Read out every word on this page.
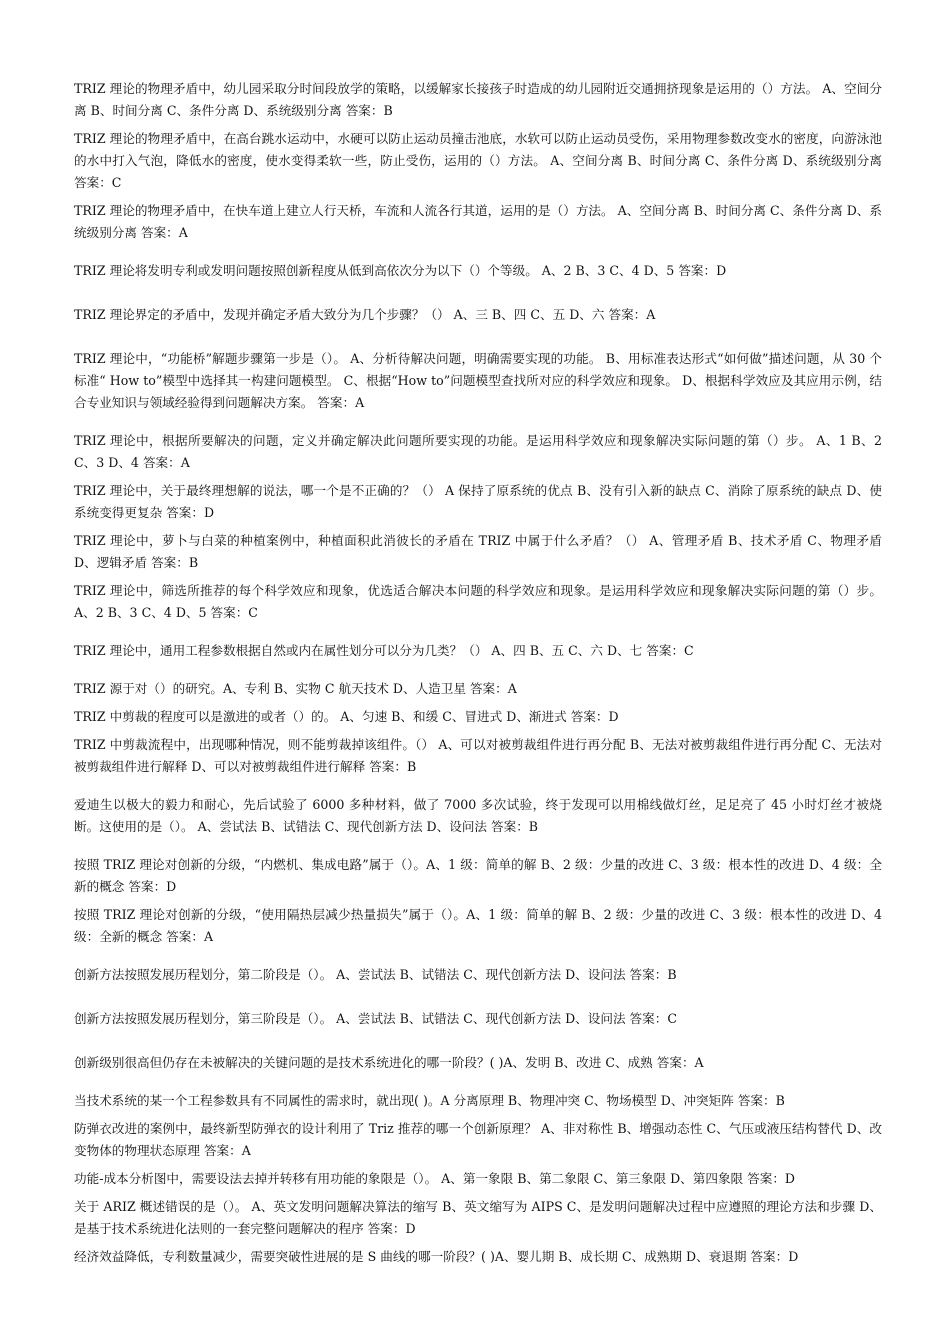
TRIZ 理论的物理矛盾中，幼儿园采取分时间段放学的策略，以缓解家长接孩子时造成的幼儿园附近交通拥挤现象是运用的（）方法。 A、空间分离 B、时间分离 C、条件分离 D、系统级别分离 答案：B

TRIZ 理论的物理矛盾中，在高台跳水运动中，水硬可以防止运动员撞击池底，水软可以防止运动员受伤，采用物理参数改变水的密度，向游泳池的水中打入气泡，降低水的密度，使水变得柔软一些，防止受伤，运用的（）方法。 A、空间分离 B、时间分离 C、条件分离 D、系统级别分离 答案：C

TRIZ 理论的物理矛盾中，在快车道上建立人行天桥，车流和人流各行其道，运用的是（）方法。 A、空间分离 B、时间分离 C、条件分离 D、系统级别分离 答案：A

TRIZ 理论将发明专利或发明问题按照创新程度从低到高依次分为以下（）个等级。 A、2 B、3 C、4 D、5 答案：D

TRIZ 理论界定的矛盾中，发现并确定矛盾大致分为几个步骤？（） A、三 B、四 C、五 D、六 答案：A

TRIZ 理论中，“功能桥”解题步骤第一步是（）。 A、分析待解决问题，明确需要实现的功能。 B、用标准表达形式“如何做”描述问题，从 30 个标准“ How to”模型中选择其一构建问题模型。 C、根据“How to”问题模型查找所对应的科学效应和现象。 D、根据科学效应及其应用示例，结合专业知识与领域经验得到问题解决方案。 答案：A

TRIZ 理论中，根据所要解决的问题，定义并确定解决此问题所要实现的功能。是运用科学效应和现象解决实际问题的第（）步。 A、1 B、2 C、3 D、4 答案：A

TRIZ 理论中，关于最终理想解的说法，哪一个是不正确的？（） A 保持了原系统的优点 B、没有引入新的缺点 C、消除了原系统的缺点 D、使系统变得更复杂 答案：D

TRIZ 理论中，萝卜与白菜的种植案例中，种植面积此消彼长的矛盾在 TRIZ 中属于什么矛盾？（） A、管理矛盾 B、技术矛盾 C、物理矛盾 D、逻辑矛盾 答案：B

TRIZ 理论中，筛选所推荐的每个科学效应和现象，优选适合解决本问题的科学效应和现象。是运用科学效应和现象解决实际问题的第（）步。 A、2 B、3 C、4 D、5 答案：C

TRIZ 理论中，通用工程参数根据自然或内在属性划分可以分为几类？（） A、四 B、五 C、六 D、七 答案：C

TRIZ 源于对（）的研究。A、专利 B、实物 C 航天技术 D、人造卫星 答案：A

TRIZ 中剪裁的程度可以是激进的或者（）的。 A、匀速 B、和缓 C、冒进式 D、渐进式 答案：D

TRIZ 中剪裁流程中，出现哪种情况，则不能剪裁掉该组件。（） A、可以对被剪裁组件进行再分配 B、无法对被剪裁组件进行再分配 C、无法对被剪裁组件进行解释 D、可以对被剪裁组件进行解释 答案：B

爱迪生以极大的毅力和耐心，先后试验了 6000 多种材料，做了 7000 多次试验，终于发现可以用棉线做灯丝，足足亮了 45 小时灯丝才被烧断。这使用的是（）。 A、尝试法 B、试错法 C、现代创新方法 D、设问法 答案：B

按照 TRIZ 理论对创新的分级，“内燃机、集成电路”属于（）。A、1 级：简单的解 B、2 级：少量的改进 C、3 级：根本性的改进 D、4 级：全新的概念 答案：D

按照 TRIZ 理论对创新的分级，“使用隔热层减少热量损失”属于（）。A、1 级：简单的解 B、2 级：少量的改进 C、3 级：根本性的改进 D、4 级：全新的概念 答案：A

创新方法按照发展历程划分，第二阶段是（）。 A、尝试法 B、试错法 C、现代创新方法 D、设问法 答案：B

创新方法按照发展历程划分，第三阶段是（）。 A、尝试法 B、试错法 C、现代创新方法 D、设问法 答案：C

创新级别很高但仍存在未被解决的关键问题的是技术系统进化的哪一阶段？( )A、发明 B、改进 C、成熟 答案：A

当技术系统的某一个工程参数具有不同属性的需求时，就出现( )。A 分离原理 B、物理冲突 C、物场模型 D、冲突矩阵 答案：B

防弹衣改进的案例中，最终新型防弹衣的设计利用了 Triz 推荐的哪一个创新原理？ A、非对称性 B、增强动态性 C、气压或液压结构替代 D、改变物体的物理状态原理 答案：A

功能-成本分析图中，需要设法去掉并转移有用功能的象限是（）。 A、第一象限 B、第二象限 C、第三象限 D、第四象限 答案：D

关于 ARIZ 概述错误的是（）。 A、英文发明问题解决算法的缩写 B、英文缩写为 AIPS C、是发明问题解决过程中应遵照的理论方法和步骤 D、是基于技术系统进化法则的一套完整问题解决的程序 答案：D

经济效益降低，专利数量减少，需要突破性进展的是 S 曲线的哪一阶段？( )A、婴儿期 B、成长期 C、成熟期 D、衰退期 答案：D
